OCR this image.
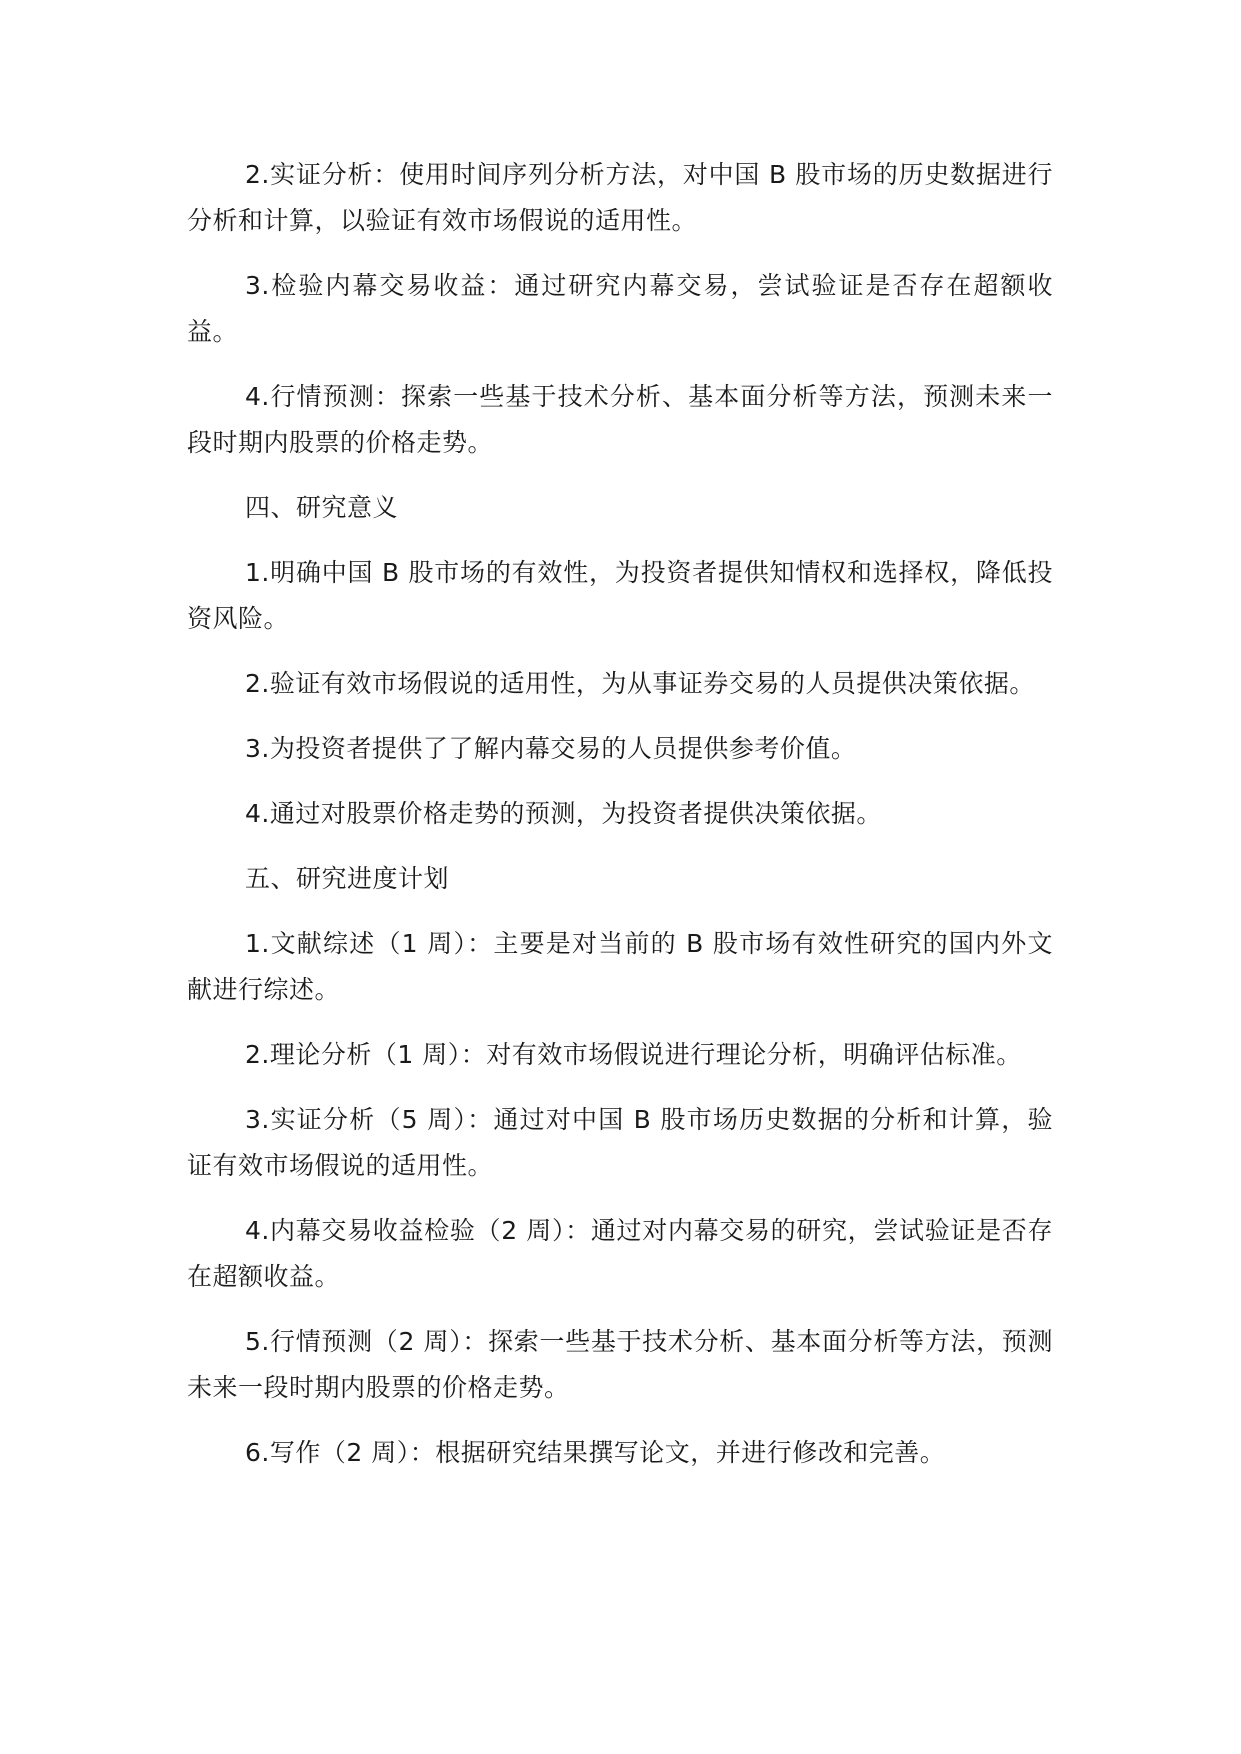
2.实证分析：使用时间序列分析方法，对中国 B 股市场的历史数据进行分析和计算，以验证有效市场假说的适用性。

3.检验内幕交易收益：通过研究内幕交易，尝试验证是否存在超额收益。

4.行情预测：探索一些基于技术分析、基本面分析等方法，预测未来一段时期内股票的价格走势。

四、研究意义

1.明确中国 B 股市场的有效性，为投资者提供知情权和选择权，降低投资风险。

2.验证有效市场假说的适用性，为从事证券交易的人员提供决策依据。

3.为投资者提供了了解内幕交易的人员提供参考价值。

4.通过对股票价格走势的预测，为投资者提供决策依据。

五、研究进度计划

1.文献综述（1 周）：主要是对当前的 B 股市场有效性研究的国内外文献进行综述。

2.理论分析（1 周）：对有效市场假说进行理论分析，明确评估标准。

3.实证分析（5 周）：通过对中国 B 股市场历史数据的分析和计算，验证有效市场假说的适用性。

4.内幕交易收益检验（2 周）：通过对内幕交易的研究，尝试验证是否存在超额收益。

5.行情预测（2 周）：探索一些基于技术分析、基本面分析等方法，预测未来一段时期内股票的价格走势。

6.写作（2 周）：根据研究结果撰写论文，并进行修改和完善。
